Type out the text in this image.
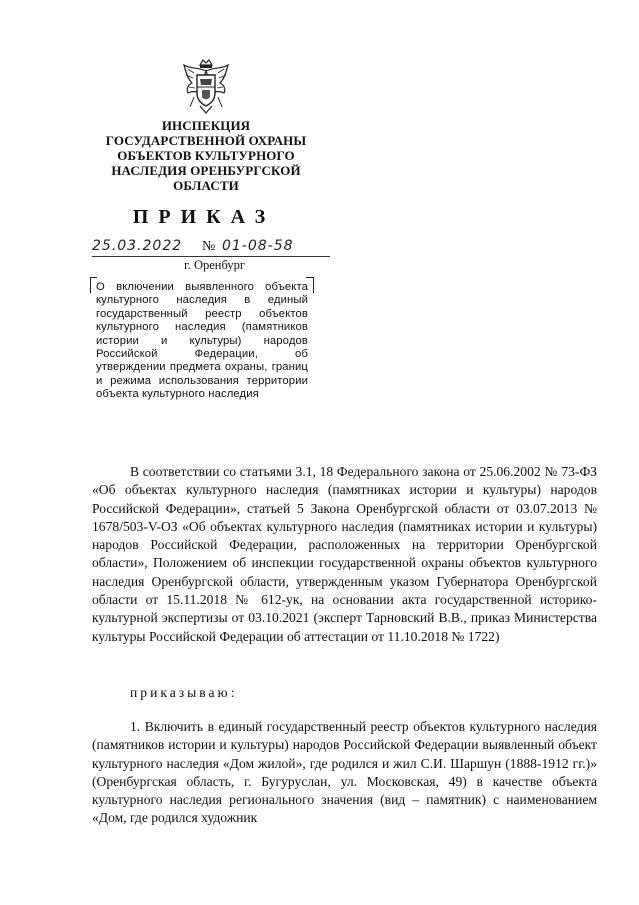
ИНСПЕКЦИЯ
ГОСУДАРСТВЕННОЙ ОХРАНЫ
ОБЪЕКТОВ КУЛЬТУРНОГО
НАСЛЕДИЯ ОРЕНБУРГСКОЙ
ОБЛАСТИ
ПРИКАЗ
25.03.2022 № 01-08-58
г. Оренбург
О включении выявленного объекта культурного наследия в единый государственный реестр объектов культурного наследия (памятников истории и культуры) народов Российской Федерации, об утверждении предмета охраны, границ и режима использования территории объекта культурного наследия
В соответствии со статьями 3.1, 18 Федерального закона от 25.06.2002 № 73-ФЗ «Об объектах культурного наследия (памятниках истории и культуры) народов Российской Федерации», статьей 5 Закона Оренбургской области от 03.07.2013 № 1678/503-V-ОЗ «Об объектах культурного наследия (памятниках истории и культуры) народов Российской Федерации, расположенных на территории Оренбургской области», Положением об инспекции государственной охраны объектов культурного наследия Оренбургской области, утвержденным указом Губернатора Оренбургской области от 15.11.2018 № 612-ук, на основании акта государственной историко-культурной экспертизы от 03.10.2021 (эксперт Тарновский В.В., приказ Министерства культуры Российской Федерации об аттестации от 11.10.2018 № 1722)
приказываю:
1. Включить в единый государственный реестр объектов культурного наследия (памятников истории и культуры) народов Российской Федерации выявленный объект культурного наследия «Дом жилой», где родился и жил С.И. Шаршун (1888-1912 гг.)» (Оренбургская область, г. Бугуруслан, ул. Московская, 49) в качестве объекта культурного наследия регионального значения (вид – памятник) с наименованием «Дом, где родился художник
